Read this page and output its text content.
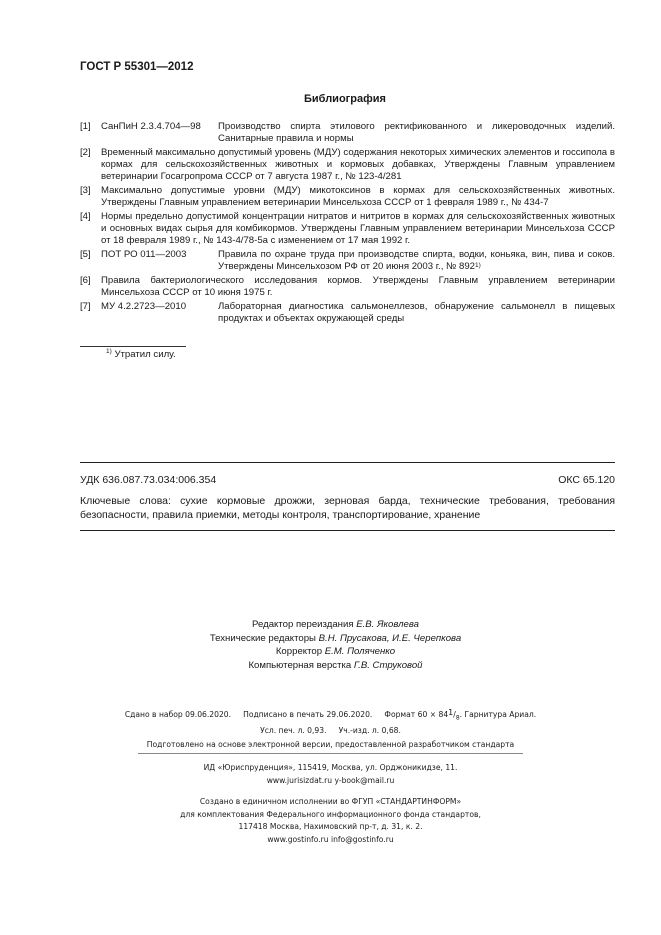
ГОСТ Р 55301—2012
Библиография
[1] СанПиН 2.3.4.704—98 Производство спирта этилового ректификованного и ликероводочных изделий. Санитарные правила и нормы
[2] Временный максимально допустимый уровень (МДУ) содержания некоторых химических элементов и госсипола в кормах для сельскохозяйственных животных и кормовых добавках, Утверждены Главным управлением ветеринарии Госагропрома СССР от 7 августа 1987 г., № 123-4/281
[3] Максимально допустимые уровни (МДУ) микотоксинов в кормах для сельскохозяйственных животных. Утверждены Главным управлением ветеринарии Минсельхоза СССР от 1 февраля 1989 г., № 434-7
[4] Нормы предельно допустимой концентрации нитратов и нитритов в кормах для сельскохозяйственных животных и основных видах сырья для комбикормов. Утверждены Главным управлением ветеринарии Минсельхоза СССР от 18 февраля 1989 г., № 143-4/78-5а с изменением от 17 мая 1992 г.
[5] ПОТ РО 011—2003	Правила по охране труда при производстве спирта, водки, коньяка, вин, пива и соков. Утверждены Минсельхозом РФ от 20 июня 2003 г., № 892$^{1)}$
[6] Правила бактериологического исследования кормов. Утверждены Главным управлением ветеринарии Минсельхоза СССР от 10 июня 1975 г.
[7] МУ 4.2.2723—2010	Лабораторная диагностика сальмонеллезов, обнаружение сальмонелл в пищевых продуктах и объектах окружающей среды
$^{1)}$ Утратил силу.
УДК 636.087.73.034:006.354	ОКС 65.120
Ключевые слова: сухие кормовые дрожжи, зерновая барда, технические требования, требования безопасности, правила приемки, методы контроля, транспортирование, хранение
Редактор переиздания Е.В. Яковлева
Технические редакторы В.Н. Прусакова, И.Е. Черепкова
Корректор Е.М. Поляченко
Компьютерная верстка Г.В. Струковой
Сдано в набор 09.06.2020. Подписано в печать 29.06.2020. Формат $60 \times 84^1/_8$. Гарнитура Ариал.
Усл. печ. л. 0,93. Уч.-изд. л. 0,68.
Подготовлено на основе электронной версии, предоставленной разработчиком стандарта
ИД «Юриспруденция», 115419, Москва, ул. Орджоникидзе, 11.
www.jurisizdat.ru y-book@mail.ru
Создано в единичном исполнении во ФГУП «СТАНДАРТИНФОРМ»
для комплектования Федерального информационного фонда стандартов,
117418 Москва, Нахимовский пр-т, д. 31, к. 2.
www.gostinfo.ru info@gostinfo.ru
